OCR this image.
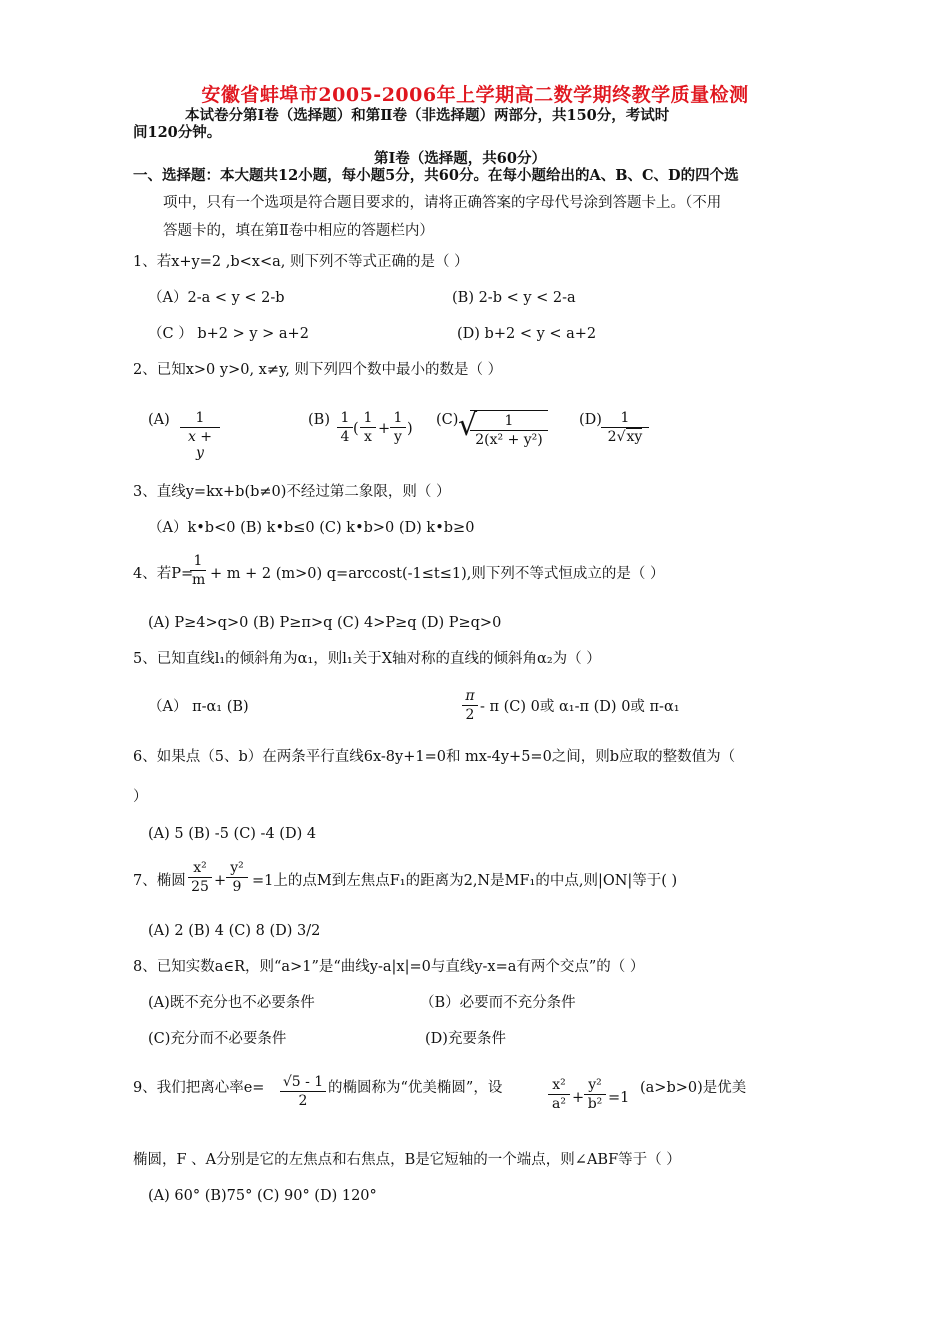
安徽省蚌埠市2005-2006年上学期高二数学期终教学质量检测
本试卷分第Ⅰ卷（选择题）和第Ⅱ卷（非选择题）两部分，共150分，考试时
间120分钟。
第Ⅰ卷（选择题，共60分）
一、选择题：本大题共12小题，每小题5分，共60分。在每小题给出的A、B、C、D的四个选
项中，只有一个选项是符合题目要求的，请将正确答案的字母代号涂到答题卡上。（不用
答题卡的，填在第Ⅱ卷中相应的答题栏内）
1、若x+y=2 ,b<x<a, 则下列不等式正确的是（ ）
（A）2-a < y < 2-b	(B) 2-b < y < 2-a
（C ） b+2 > y > a+2	(D) b+2 < y < a+2
2、已知x>0 y>0, x≠y, 则下列四个数中最小的数是（ ）
(A)	1
x + y
(B) 1
4 (
1
x +
1
y )
(C) √	1
2(x² + y²)
(D)	1
2√xy
3、直线y=kx+b(b≠0)不经过第二象限，则（ ）
（A）k•b<0 (B) k•b≤0 (C) k•b>0 (D) k•b≥0
4、若P=
1
m + m + 2 (m>0) q=arccost(-1≤t≤1),则下列不等式恒成立的是（ ）
(A) P≥4>q>0 (B) P≥π>q (C) 4>P≥q (D) P≥q>0
5、已知直线l₁的倾斜角为α₁，则l₁关于X轴对称的直线的倾斜角α₂为（ ）
（A） π-α₁ (B)
π
2 - π (C) 0或 α₁-π (D) 0或 π-α₁
6、如果点（5、b）在两条平行直线6x-8y+1=0和 mx-4y+5=0之间，则b应取的整数值为（
）
(A) 5 (B) -5 (C) -4 (D) 4
7、椭圆
x²
25 +
y²
9 =1上的点M到左焦点F₁的距离为2,N是MF₁的中点,则|ON|等于( )
(A) 2 (B) 4 (C) 8 (D) 3/2
8、已知实数a∈R，则“a>1”是“曲线y-a|x|=0与直线y-x=a有两个交点”的（ ）
(A)既不充分也不必要条件	（B）必要而不充分条件
(C)充分而不必要条件	(D)充要条件
9、我们把离心率e= √5 - 1
2
的椭圆称为“优美椭圆”，设	x²
a² +
y²
b² =1
(a>b>0)是优美
椭圆，F 、A分别是它的左焦点和右焦点，B是它短轴的一个端点，则∠ABF等于（ ）
(A) 60° (B)75° (C) 90° (D) 120°
